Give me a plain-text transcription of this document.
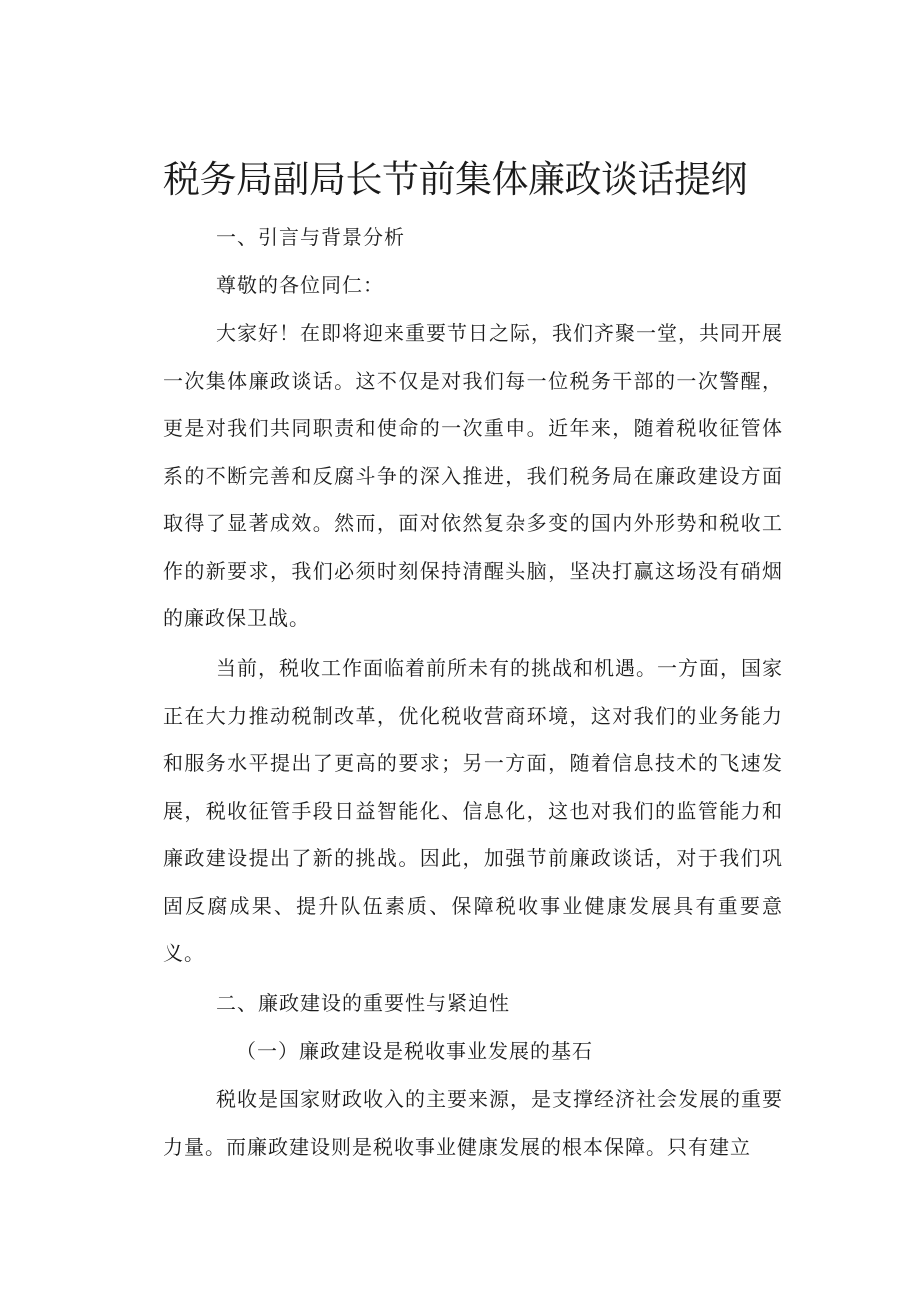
税务局副局长节前集体廉政谈话提纲

一、引言与背景分析

尊敬的各位同仁：

大家好！在即将迎来重要节日之际，我们齐聚一堂，共同开展一次集体廉政谈话。这不仅是对我们每一位税务干部的一次警醒，更是对我们共同职责和使命的一次重申。近年来，随着税收征管体系的不断完善和反腐斗争的深入推进，我们税务局在廉政建设方面取得了显著成效。然而，面对依然复杂多变的国内外形势和税收工作的新要求，我们必须时刻保持清醒头脑，坚决打赢这场没有硝烟的廉政保卫战。

当前，税收工作面临着前所未有的挑战和机遇。一方面，国家正在大力推动税制改革，优化税收营商环境，这对我们的业务能力和服务水平提出了更高的要求；另一方面，随着信息技术的飞速发展，税收征管手段日益智能化、信息化，这也对我们的监管能力和廉政建设提出了新的挑战。因此，加强节前廉政谈话，对于我们巩固反腐成果、提升队伍素质、保障税收事业健康发展具有重要意义。

二、廉政建设的重要性与紧迫性

（一）廉政建设是税收事业发展的基石

税收是国家财政收入的主要来源，是支撑经济社会发展的重要力量。而廉政建设则是税收事业健康发展的根本保障。只有建立
